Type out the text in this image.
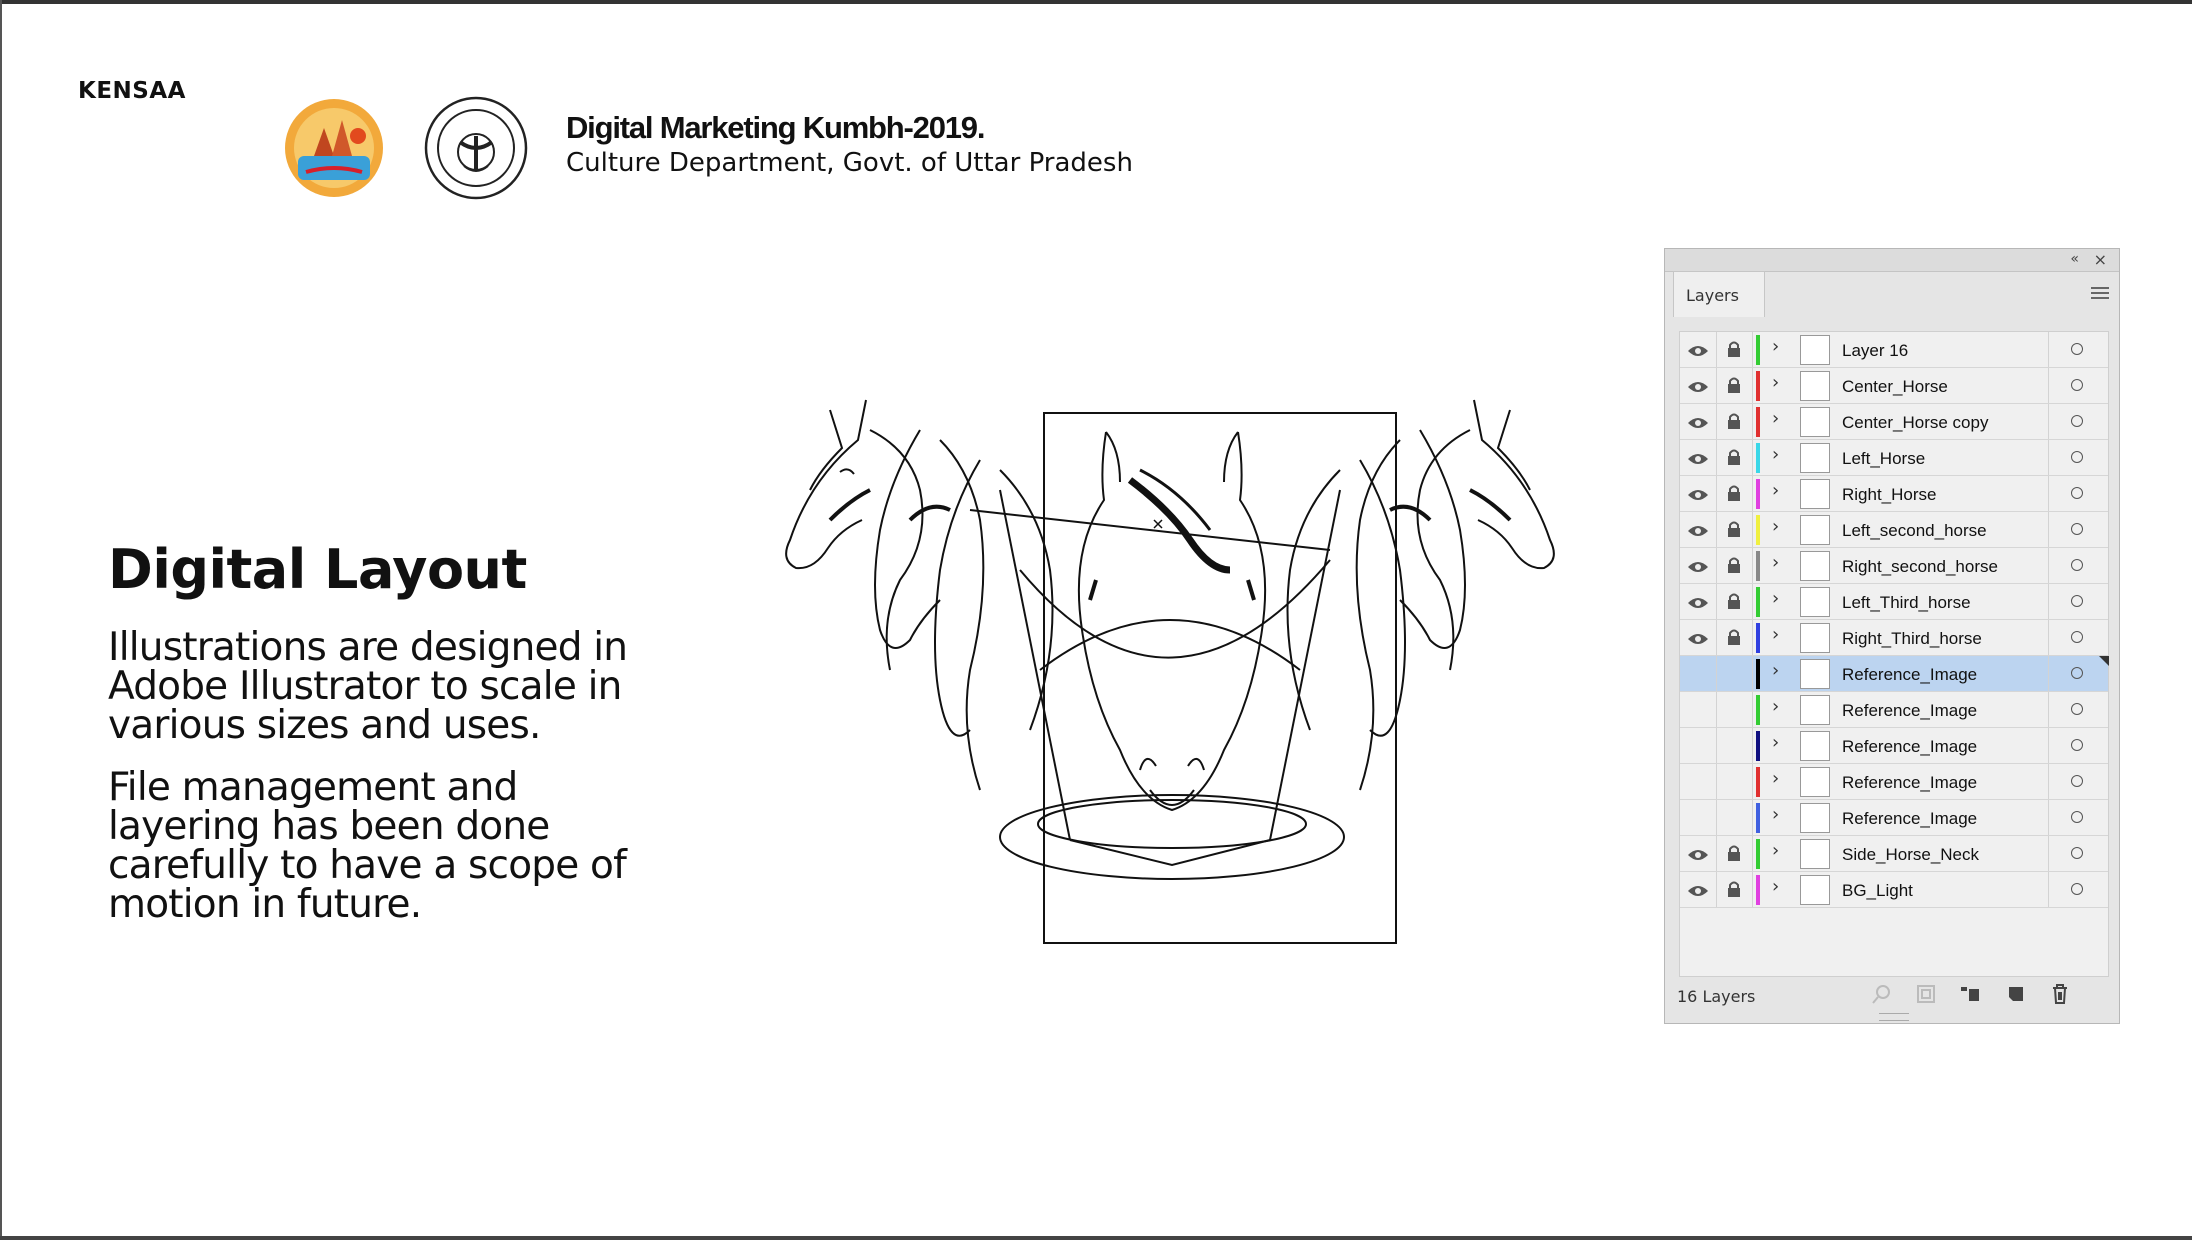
KENSAA
Digital Marketing Kumbh-2019.
Culture Department, Govt. of Uttar Pradesh
Digital Layout
Illustrations are designed in Adobe Illustrator to scale in various sizes and uses.
File management and layering has been done carefully to have a scope of motion in future.
« ×
Layers
›	Layer 16
›	Center_Horse
›	Center_Horse copy
›	Left_Horse
›	Right_Horse
›	Left_second_horse
›	Right_second_horse
›	Left_Third_horse
›	Right_Third_horse
›	Reference_Image
›	Reference_Image
›	Reference_Image
›	Reference_Image
›	Reference_Image
›	Side_Horse_Neck
›	BG_Light
16 Layers
